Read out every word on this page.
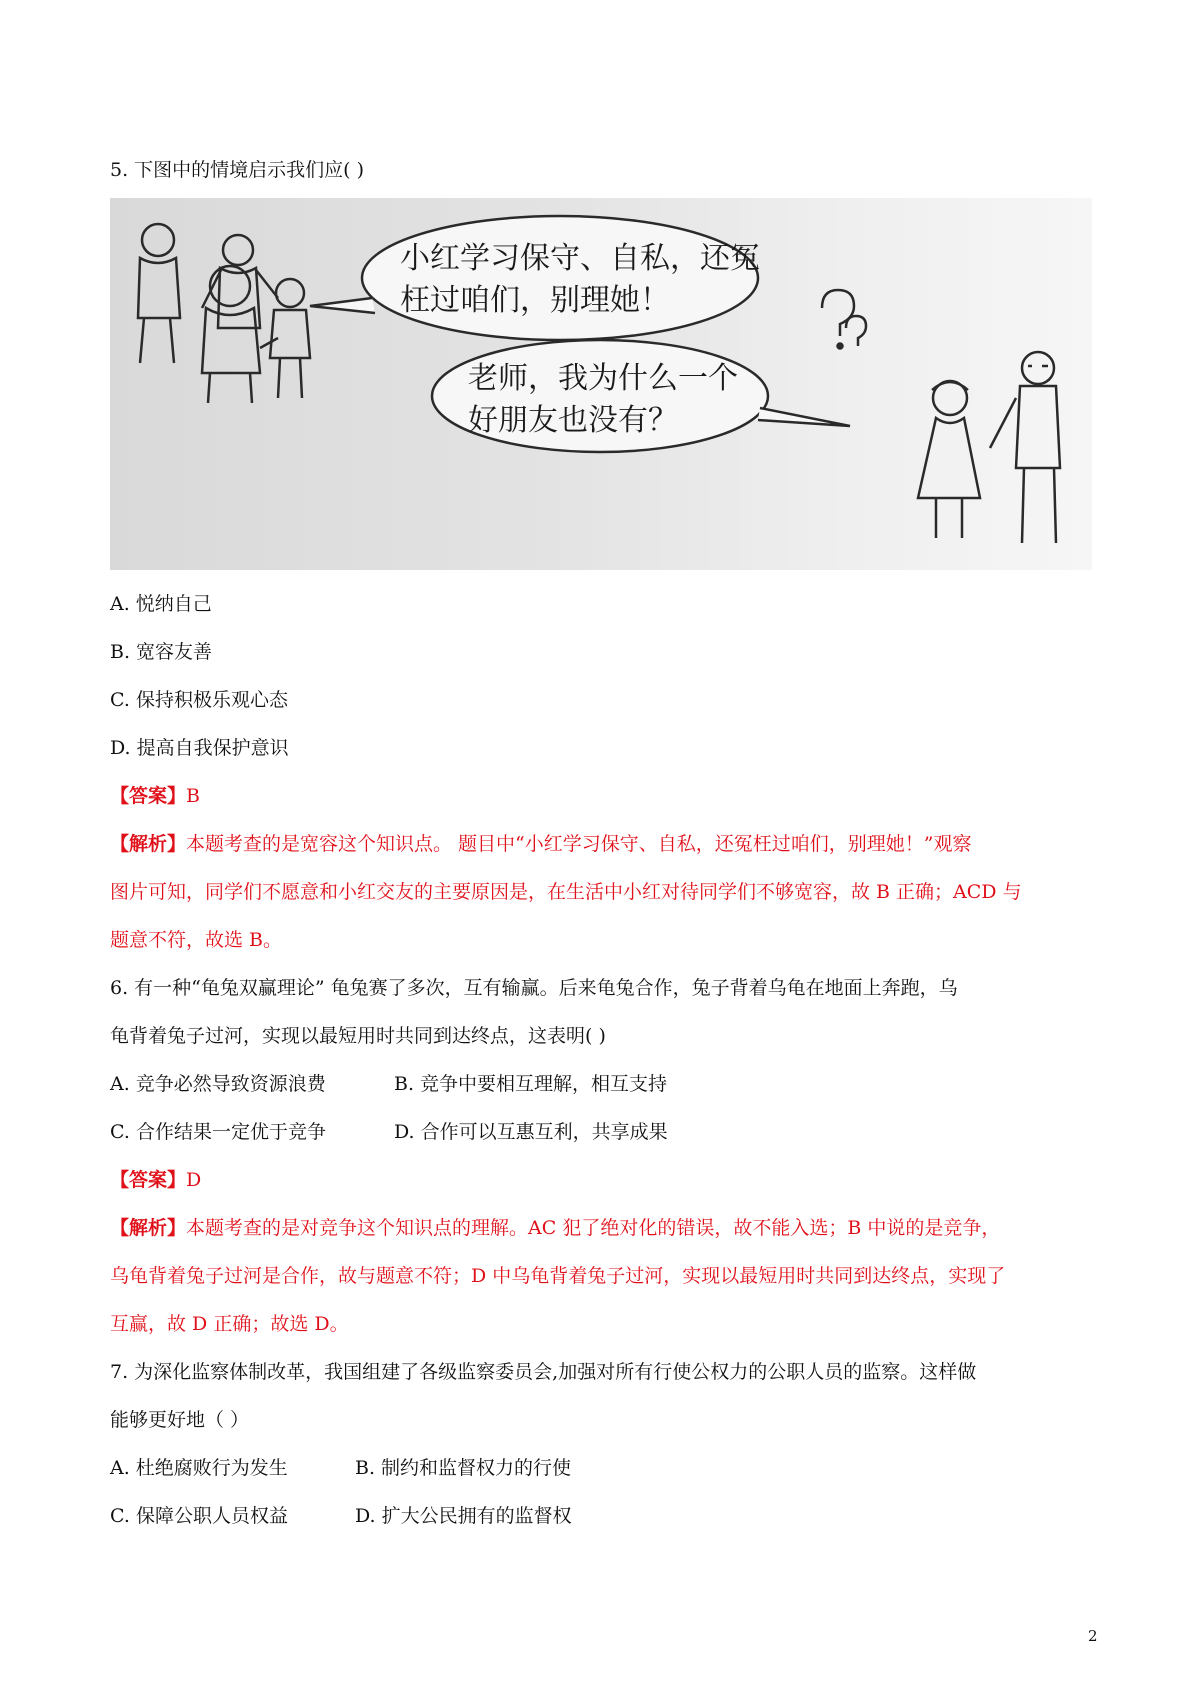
5. 下图中的情境启示我们应( )
小红学习保守、自私，还冤
枉过咱们，别理她！
老师，我为什么一个
好朋友也没有？
A. 悦纳自己
B. 宽容友善
C. 保持积极乐观心态
D. 提高自我保护意识
【答案】B
【解析】本题考查的是宽容这个知识点。 题目中“小红学习保守、自私，还冤枉过咱们，别理她！”观察
图片可知，同学们不愿意和小红交友的主要原因是，在生活中小红对待同学们不够宽容，故 B 正确；ACD 与
题意不符，故选 B。
6. 有一种“龟兔双赢理论” 龟兔赛了多次，互有输赢。后来龟兔合作，兔子背着乌龟在地面上奔跑，乌
龟背着兔子过河，实现以最短用时共同到达终点，这表明( )
A. 竞争必然导致资源浪费	B. 竞争中要相互理解，相互支持
C. 合作结果一定优于竞争	D. 合作可以互惠互利，共享成果
【答案】D
【解析】本题考查的是对竞争这个知识点的理解。AC 犯了绝对化的错误，故不能入选；B 中说的是竞争，
乌龟背着兔子过河是合作，故与题意不符；D 中乌龟背着兔子过河，实现以最短用时共同到达终点，实现了
互赢，故 D 正确；故选 D。
7. 为深化监察体制改革，我国组建了各级监察委员会,加强对所有行使公权力的公职人员的监察。这样做
能够更好地（ ）
A. 杜绝腐败行为发生	B. 制约和监督权力的行使
C. 保障公职人员权益	D. 扩大公民拥有的监督权
2
